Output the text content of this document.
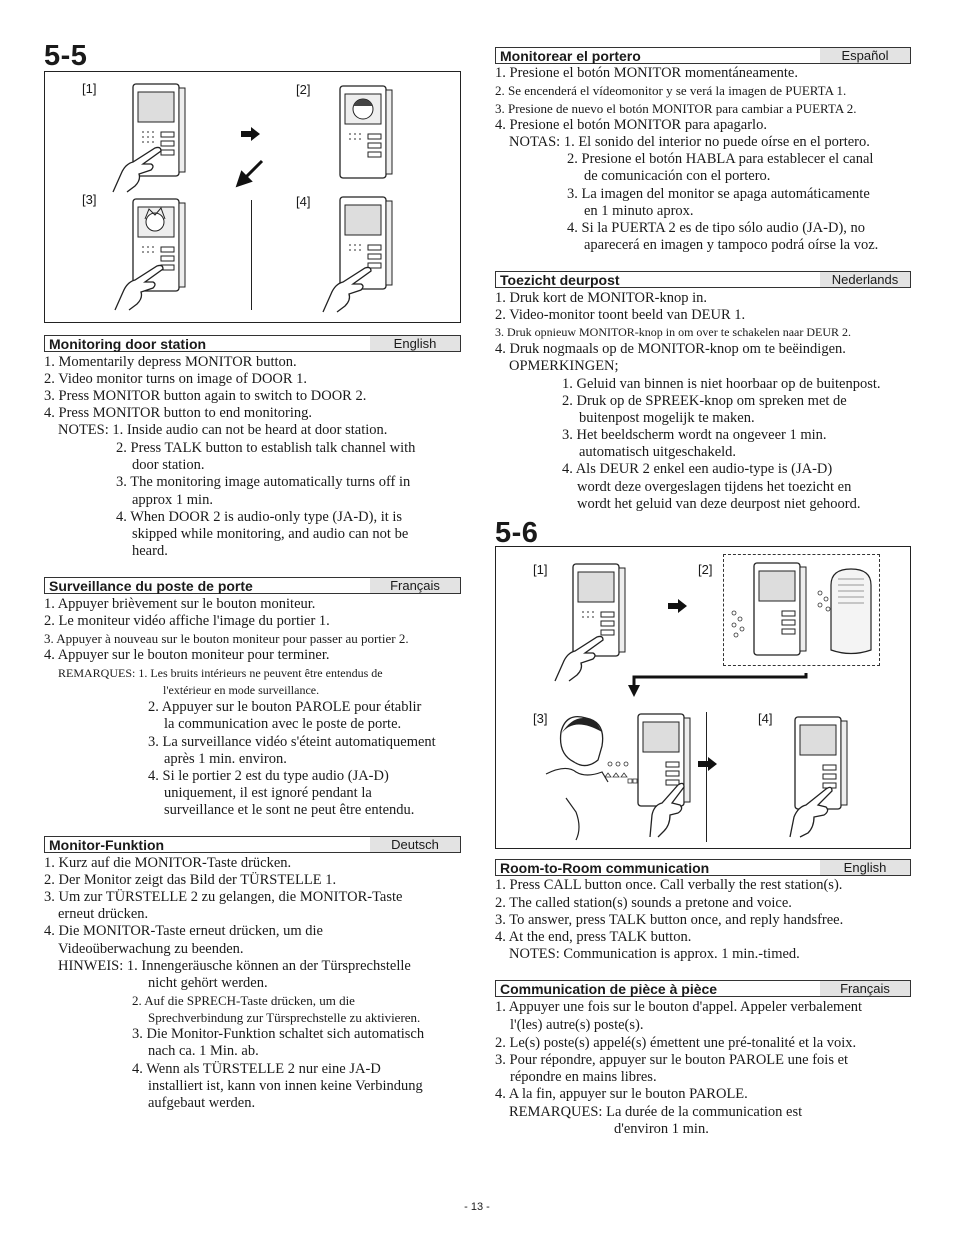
5-5
[1]	[2]
[3]	[4]
Monitoring door station	English
1. Momentarily depress MONITOR button.
2. Video monitor turns on image of DOOR 1.
3. Press MONITOR button again to switch to DOOR 2.
4. Press MONITOR button to end monitoring.
NOTES: 1. Inside audio can not be heard at door station.
2. Press TALK button to establish talk channel with
door station.
3. The monitoring image automatically turns off in
approx 1 min.
4. When DOOR 2 is audio-only type (JA-D), it is
skipped while monitoring, and audio can not be
heard.
Surveillance du poste de porte	Français
1. Appuyer brièvement sur le bouton moniteur.
2. Le moniteur vidéo affiche l'image du portier 1.
3. Appuyer à nouveau sur le bouton moniteur pour passer au portier 2.
4. Appuyer sur le bouton moniteur pour terminer.
REMARQUES: 1. Les bruits intérieurs ne peuvent être entendus de
l'extérieur en mode surveillance.
2. Appuyer sur le bouton PAROLE pour établir
la communication avec le poste de porte.
3. La surveillance vidéo s'éteint automatiquement
après 1 min. environ.
4. Si le portier 2 est du type audio (JA-D)
uniquement, il est ignoré pendant la
surveillance et le sont ne peut être entendu.
Monitor-Funktion	Deutsch
1. Kurz auf die MONITOR-Taste drücken.
2. Der Monitor zeigt das Bild der TÜRSTELLE 1.
3. Um zur TÜRSTELLE 2 zu gelangen, die MONITOR-Taste
erneut drücken.
4. Die MONITOR-Taste erneut drücken, um die
Videoüberwachung zu beenden.
HINWEIS: 1. Innengeräusche können an der Türsprechstelle
nicht gehört werden.
2. Auf die SPRECH-Taste drücken, um die
Sprechverbindung zur Türsprechstelle zu aktivieren.
3. Die Monitor-Funktion schaltet sich automatisch
nach ca. 1 Min. ab.
4. Wenn als TÜRSTELLE 2 nur eine JA-D
installiert ist, kann von innen keine Verbindung
aufgebaut werden.
Monitorear el portero	Español
1. Presione el botón MONITOR momentáneamente.
2. Se encenderá el vídeomonitor y se verá la imagen de PUERTA 1.
3. Presione de nuevo el botón MONITOR para cambiar a PUERTA 2.
4. Presione el botón MONITOR para apagarlo.
NOTAS: 1. El sonido del interior no puede oírse en el portero.
2. Presione el botón HABLA para establecer el canal
de comunicación con el portero.
3. La imagen del monitor se apaga automáticamente
en 1 minuto aprox.
4. Si la PUERTA 2 es de tipo sólo audio (JA-D), no
aparecerá en imagen y tampoco podrá oírse la voz.
Toezicht deurpost	Nederlands
1. Druk kort de MONITOR-knop in.
2. Video-monitor toont beeld van DEUR 1.
3. Druk opnieuw MONITOR-knop in om over te schakelen naar DEUR 2.
4. Druk nogmaals op de MONITOR-knop om te beëindigen.
OPMERKINGEN;
1. Geluid van binnen is niet hoorbaar op de buitenpost.
2. Druk op de SPREEK-knop om spreken met de
buitenpost mogelijk te maken.
3. Het beeldscherm wordt na ongeveer 1 min.
automatisch uitgeschakeld.
4. Als DEUR 2 enkel een audio-type is (JA-D)
wordt deze overgeslagen tijdens het toezicht en
wordt het geluid van deze deurpost niet gehoord.
5-6
[1]	[2]
[3]	[4]
Room-to-Room communication	English
1. Press CALL button once. Call verbally the rest station(s).
2. The called station(s) sounds a pretone and voice.
3. To answer, press TALK button once, and reply handsfree.
4. At the end, press TALK button.
NOTES: Communication is approx. 1 min.-timed.
Communication de pièce à pièce	Français
1. Appuyer une fois sur le bouton d'appel. Appeler verbalement
l'(les) autre(s) poste(s).
2. Le(s) poste(s) appelé(s) émettent une pré-tonalité et la voix.
3. Pour répondre, appuyer sur le bouton PAROLE une fois et
répondre en mains libres.
4. A la fin, appuyer sur le bouton PAROLE.
REMARQUES: La durée de la communication est
d'environ 1 min.
- 13 -
